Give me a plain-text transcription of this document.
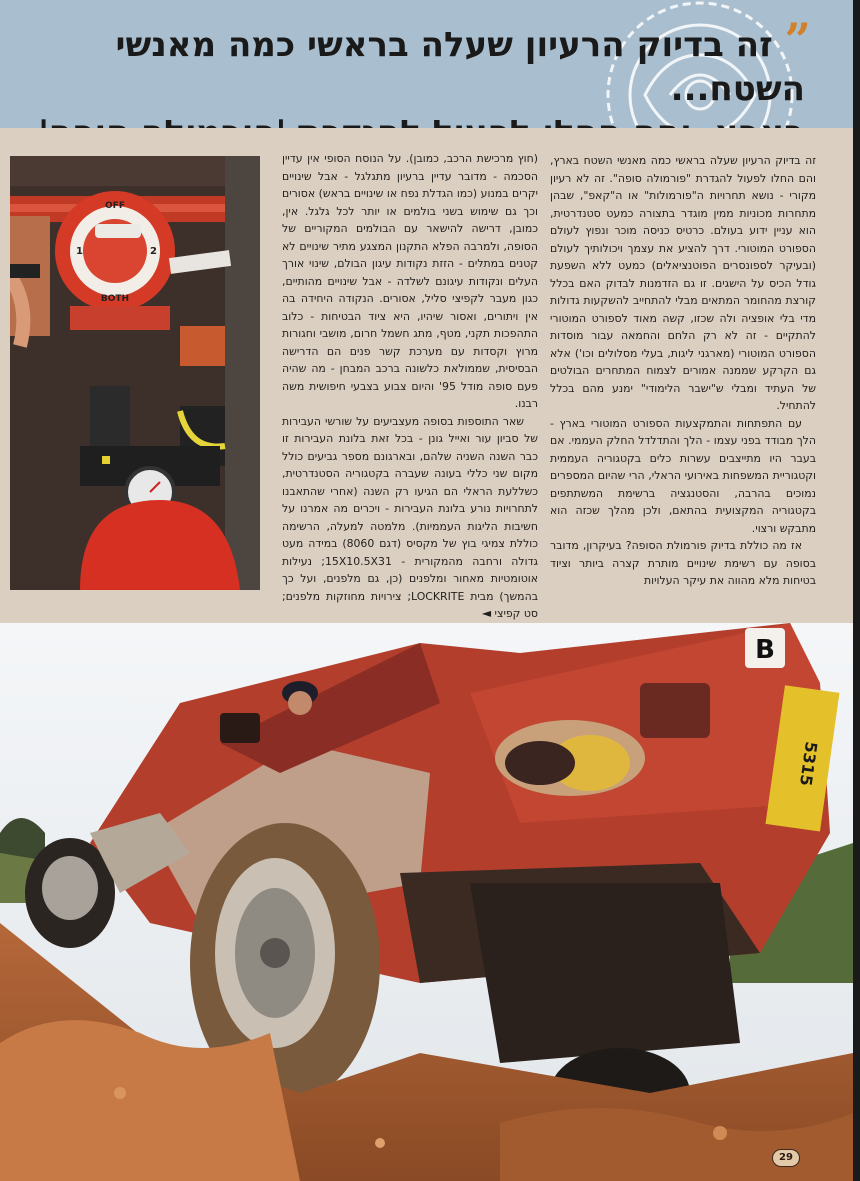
” זה בדיוק הרעיון שעלה בראשי כמה מאנשי השטח...
OFF
BOTH
1	2

זה בדיוק הרעיון שעלה בראשי כמה מאנשי השטח בארץ, והם החלו לפעול להגדרת "פורמולה סופה". זה לא רעיון מקורי - נושא תחרויות ה"פורמולות" או ה"קאפ", שבהן מתחרות מכוניות ממין מוגדר בתצורה כמעט סטנדרטית, הוא עניין ידוע בעולם. כרטיס כניסה מוכר ונפוץ לעולם הספורט המוטורי. דרך להציע את עצמך ויכולותיך לעולם (ובעיקר לספונסרים הפוטנציאלים) כמעט ללא השפעת גודל הכיס על הישגים. זו גם הזדמנות לבדוק האם בכלל קורצת מהחומר המתאים מבלי להתחייב להשקעות גדולות מדי בלי אופציה ולה שכזו, קשה מאוד לספורט המוטורי להתקיים - זה לא רק הלחם והחמאה עבור מוסדות הספורט המוטורי (מארגני ליגות, בעלי מסלולים וכו') אלא גם הקרקע שממנה אמורים לצמוח המתחרים הבולטים של העתיד ומבלי ש"ישבר הלימודי" ימנע מהם בכלל להתחיל.

עם התפתחות והתמקצעות הספורט המוטורי בארץ - הלך מבודד בפני עצמו - הלך והתדלדל החלק העממי. אם בעבר היו מתייצבים עשרות כלים בקטגוריה העממית וקטגוריית המשפחות באירועי הראלי, הרי שהיום המספרים נמוכים בהרבה, והסטנגציה ברשימת המשתתפים בקטגוריה המקצועית בהתאם, ולכן מהלך שכזה הוא מתבקש ורצוי.

אז מה כוללת בדיוק פורמולת הסופה? בעיקרון, מדובר בסופה עם רשימת שינויים מותרת קצרה ביותר וציוד בטיחות מלא מהווה את עיקר העלויות

(חוץ מרכישת הרכב, כמובן). על הנוסח הסופי אין עדיין הסכמה - מדובר עדיין ברעיון מתגלגל - אבל שינויים יקרים במנוע (כמו הגדלת נפח או שינויים בראש) אסורים וכך גם שימוש בשני בולמים או יותר לכל גלגל. אין, כמובן, דרישה להישאר עם הבולמים המקוריים של הסופה, ולמרבה הפלא התקנון המצגע מתיר שינויים לא קטנים במתלים - הזזת נקודות עיגון הבולם, שינוי אורך העלים ונקודות עיגונם לשלדה - אבל שינויים מהותיים, כגון מעבר לקפיצי סליל, אסורים. הנקודה היחידה בה אין ויתורים, ואסור שיהיו, היא ציוד הבטיחות - כלוב התהפכות תקני, מטף, מתג חשמל חרום, מושבי וחגורות מרוץ וקסדות עם מערכת קשר פנים הם הדרישה הבסיסית, שממולאת כלשונה ברכב המבחן - מה שהיה פעם סופה מודל 95' והיום צבוע בצבעי חיפושית משה רבנו.

שאר התוספות בסופה מעצביעים על שורשי העבירות של סביון עור ואייל גונן - בכל זאת בלונת העבירות זו כבר השנה השניה שלהם, ובארגונם מספר גביעים כולל מקום שני כללי בעונה שעברה בקטגוריה הסטנדרטית, כשללעת הראלי הם הגיעו רק השנה (אחרי שהתאבנו לתחרויות נורע בלונת העבירות - ויכרים מה אמרנו על חשיבות הליגות העממיות). מלמטה למעלה, הרשימה כוללת צמיגי בוץ של מקסיס (דגם 8060) במידה מעט גדולה ורחבה מהמקורית - 15X10.5X31; נעילות אוטומטיות מאחור ומלפנים (כן, גם מלפנים, ועל כך בהמשך) מבית LOCKRITE; צירויות מחוזקות מלפנים; סט קפיצי ◄

B
5315
29
